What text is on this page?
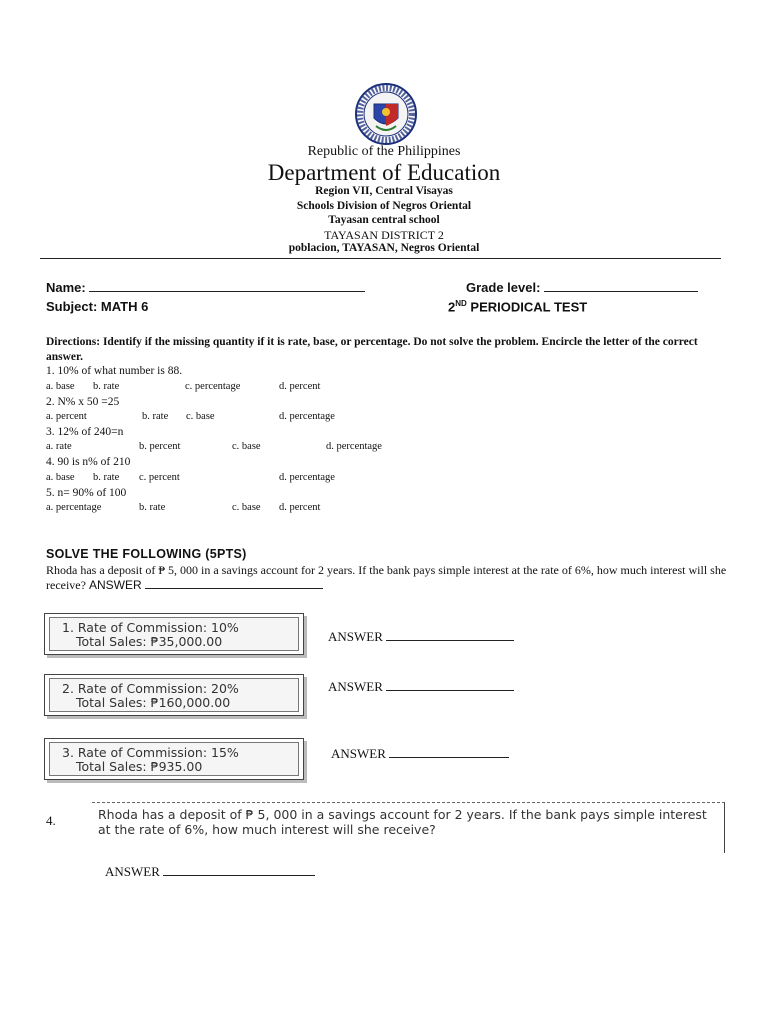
Republic of the Philippines
Department of Education
Region VII, Central Visayas
Schools Division of Negros Oriental
Tayasan central school
TAYASAN DISTRICT 2
poblacion, TAYASAN, Negros Oriental
Name:	Grade level:
Subject: MATH 6	2ND PERIODICAL TEST
Directions: Identify if the missing quantity if it is rate, base, or percentage. Do not solve the problem. Encircle the letter of the correct answer.
1. 10% of what number is 88.
a. base b. rate	c. percentage	d. percent
2. N% x 50 =25
a. percent	b. rate c. base	d. percentage
3. 12% of 240=n
a. rate	b. percent	c. base	d. percentage
4. 90 is n% of 210
a. base b. rate c. percent	d. percentage
5. n= 90% of 100
a. percentage	b. rate	c. base d. percent
SOLVE THE FOLLOWING (5PTS)
Rhoda has a deposit of ₱ 5, 000 in a savings account for 2 years. If the bank pays simple interest at the rate of 6%, how much interest will she receive? ANSWER
1. Rate of Commission: 10%
Total Sales: ₱35,000.00	ANSWER
2. Rate of Commission: 20%
Total Sales: ₱160,000.00
ANSWER
3. Rate of Commission: 15%
Total Sales: ₱935.00
ANSWER
4.	Rhoda has a deposit of ₱ 5, 000 in a savings account for 2 years. If the bank pays simple interest at the rate of 6%, how much interest will she receive?
ANSWER
